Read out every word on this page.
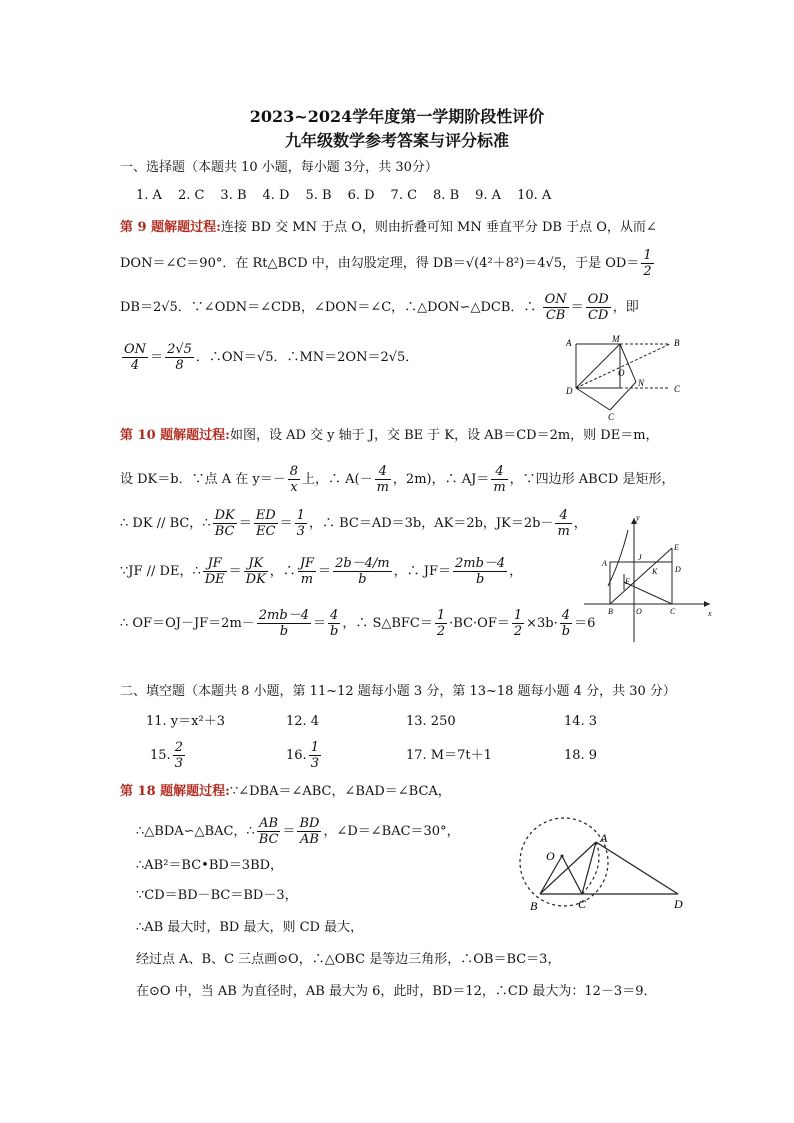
2023~2024学年度第一学期阶段性评价
九年级数学参考答案与评分标准
一、选择题（本题共 10 小题，每小题 3分，共 30分）
1. A 2. C 3. B 4. D 5. B 6. D 7. C 8. B 9. A 10. A
第 9 题解题过程:连接 BD 交 MN 于点 O，则由折叠可知 MN 垂直平分 DB 于点 O，从而∠
DON＝∠C＝90°．在 Rt△BCD 中，由勾股定理，得 DB＝√(4²＋8²)＝4√5，于是 $OD= \frac{1}{2}$
DB＝2√5．∵∠ODN＝∠CDB，∠DON＝∠C，∴△DON∽△DCB．∴ $\frac{ON}{CB} = \frac{OD}{CD}$ ，即
$\frac{ON}{4} = \frac{2√5}{8}$ ．∴ON＝√5．∴MN＝2ON＝2√5．
A	M	B
D
N
O
C
C
第 10 题解题过程:如图，设 AD 交 y 轴于 J，交 BE 于 K，设 AB＝CD＝2m，则 DE＝m，
设 DK＝b．∵点 A 在 $y=- \frac{8}{x}$ 上，∴ $A(- \frac{4}{m}$ ，2m)，∴ $AJ= \frac{4}{m}$ ，∵四边形 ABCD 是矩形，
∴ DK // BC，∴ $\frac{DK}{BC} = \frac{ED}{EC} = \frac{1}{3}$ ，∴ BC＝AD＝3b，AK＝2b，$JK=2b- \frac{4}{m}$ ，
∵JF // DE，∴ $\frac{JF}{DE} = \frac{JK}{DK}$ ，∴ $\frac{JF}{m} = \frac{2b-4/m}{b}$ ，∴ $JF= \frac{2mb-4}{b}$ ，
∴ $OF=OJ-JF=2m- \frac{2mb-4}{b} = \frac{4}{b}$ ，∴ S△BFC＝ $\frac{1}{2} \cdot BC\cdot OF= \frac{1}{2} \times 3b\cdot \frac{4}{b} =6$
y
x
A
J
E
D
F
K
B	O	C
二、填空题（本题共 8 小题，第 11~12 题每小题 3 分，第 13~18 题每小题 4 分，共 30 分）
11. y＝x²＋3	12. 4	13. 250	14. 3
15. $\frac{2}{3}$	16. $\frac{1}{3}$	17. M＝7t＋1	18. 9
第 18 题解题过程:∵∠DBA＝∠ABC，∠BAD＝∠BCA，
∴△BDA∽△BAC，∴ $\frac{AB}{BC} = \frac{BD}{AB}$ ，∠D＝∠BAC＝30°，
∴AB²＝BC•BD＝3BD，
∵CD＝BD－BC＝BD－3，
∴AB 最大时，BD 最大，则 CD 最大，
经过点 A、B、C 三点画⊙O，∴△OBC 是等边三角形，∴OB＝BC＝3，
在⊙O 中，当 AB 为直径时，AB 最大为 6，此时，BD＝12，∴CD 最大为：12－3＝9．
A
O
B	C	D
